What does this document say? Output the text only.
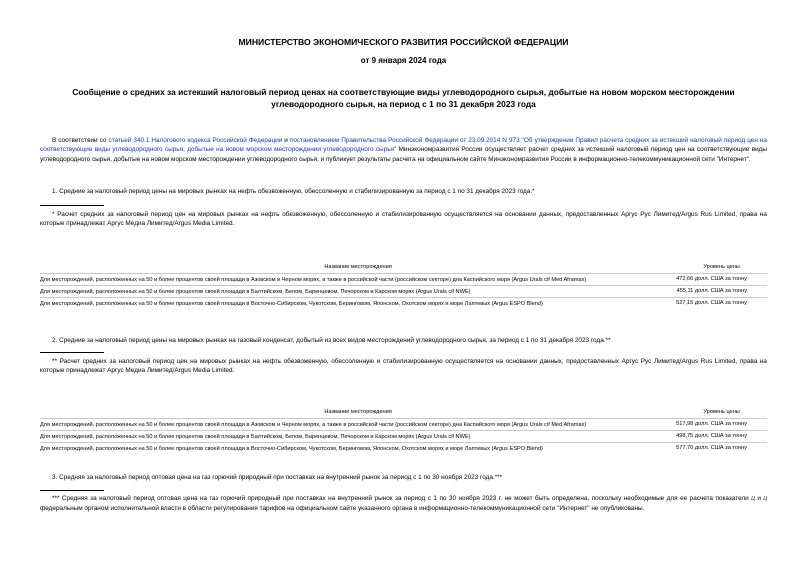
МИНИСТЕРСТВО ЭКОНОМИЧЕСКОГО РАЗВИТИЯ РОССИЙСКОЙ ФЕДЕРАЦИИ
от 9 января 2024 года
Сообщение о средних за истекший налоговый период ценах на соответствующие виды углеводородного сырья, добытые на новом морском месторождении
углеводородного сырья, на период с 1 по 31 декабря 2023 года
В соответствии со статьей 340.1 Налогового кодекса Российской Федерации и постановлением Правительства Российской Федерации от 23.09.2014 N 973 "Об утверждении Правил расчета средних за истекший налоговый период цен на соответствующие виды углеводородного сырья, добытые на новом морском месторождении углеводородного сырья" Минэкономразвития России осуществляет расчет средних за истекший налоговый период цен на соответствующие виды углеводородного сырья, добытые на новом морском месторождении углеводородного сырья, и публикует результаты расчета на официальном сайте Минэкономразвития России в информационно-телекоммуникационной сети "Интернет".
1. Средние за налоговый период цены на мировых рынках на нефть обезвоженную, обессоленную и стабилизированную за период с 1 по 31 декабря 2023 года.*
* Расчет средних за налоговый период цен на мировых рынках на нефть обезвоженную, обессоленную и стабилизированную осуществляется на основании данных, предоставленных Аргус Рус Лимитед/Argus Rus Limited, права на которые принадлежат Аргус Медиа Лимитед/Argus Media Limited.
Название месторождения	Уровень цены
Для месторождений, расположенных на 50 и более процентов своей площади в Азовском и Черном морях, а также в российской части (российском секторе) дна Каспийского моря (Argus Urals cif Med Aframax)	472,66 долл. США за тонну
Для месторождений, расположенных на 50 и более процентов своей площади в Балтийском, Белом, Баренцевом, Печорском и Карском морях (Argus Urals cif NWE)	455,11 долл. США за тонну
Для месторождений, расположенных на 50 и более процентов своей площади в Восточно-Сибирском, Чукотском, Беринговом, Японском, Охотском морях и море Лаптевых (Argus ESPO Blend)	527,15 долл. США за тонну
2. Средние за налоговый период цены на мировых рынках на газовый конденсат, добытый из всех видов месторождений углеводородного сырья, за период с 1 по 31 декабря 2023 года.**
** Расчет средних за налоговый период цен на мировых рынках на нефть обезвоженную, обессоленную и стабилизированную осуществляется на основании данных, предоставленных Аргус Рус Лимитед/Argus Rus Limited, права на которые принадлежат Аргус Медиа Лимитед/Argus Media Limited.
Название месторождения	Уровень цены
Для месторождений, расположенных на 50 и более процентов своей площади в Азовском и Черном морях, а также в российской части (российском секторе) дна Каспийского моря (Argus Urals cif Med Aframax)	517,98 долл. США за тонну
Для месторождений, расположенных на 50 и более процентов своей площади в Балтийском, Белом, Баренцевом, Печорском и Карском морях (Argus Urals cif NWE)	498,75 долл. США за тонну
Для месторождений, расположенных на 50 и более процентов своей площади в Восточно-Сибирском, Чукотском, Беринговом, Японском, Охотском морях и море Лаптевых (Argus ESPO Blend)	577,70 долл. США за тонну
3. Средняя за налоговый период оптовая цена на газ горючий природный при поставках на внутренний рынок за период с 1 по 30 ноября 2023 года.***
*** Средняя за налоговый период оптовая цена на газ горючий природный при поставках на внутренний рынок за период с 1 по 30 ноября 2023 г. не может быть определена, поскольку необходимые для ее расчета показатели Ц и Ц федеральным органом исполнительной власти в области регулирования тарифов на официальном сайте указанного органа в информационно-телекоммуникационной сети "Интернет" не опубликованы.
